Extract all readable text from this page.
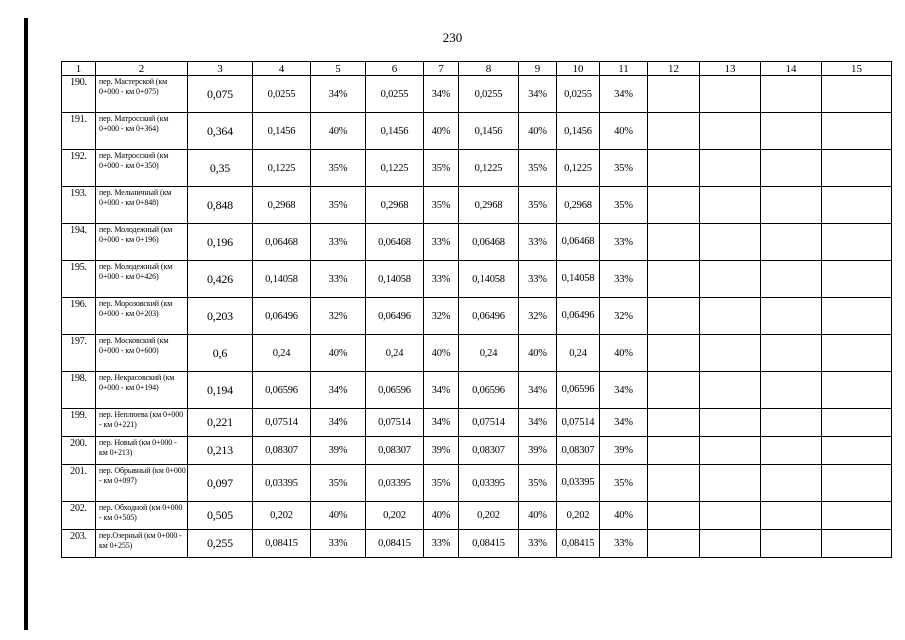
230
1	2	3	4	5	6	7	8	9	10	11	12	13	14	15
190.	пер. Мастерской (км 0+000 - км 0+075)	0,075	0,0255	34%	0,0255	34%	0,0255	34%	0,0255	34%				
191.	пер. Матросский (км 0+000 - км 0+364)	0,364	0,1456	40%	0,1456	40%	0,1456	40%	0,1456	40%				
192.	пер. Матросский (км 0+000 - км 0+350)	0,35	0,1225	35%	0,1225	35%	0,1225	35%	0,1225	35%				
193.	пер. Мельничный (км 0+000 - км 0+848)	0,848	0,2968	35%	0,2968	35%	0,2968	35%	0,2968	35%				
194.	пер. Молодежный (км 0+000 - км 0+196)	0,196	0,06468	33%	0,06468	33%	0,06468	33%	0,06468	33%				
195.	пер. Молодежный (км 0+000 - км 0+426)	0,426	0,14058	33%	0,14058	33%	0,14058	33%	0,14058	33%				
196.	пер. Морозовский (км 0+000 - км 0+203)	0,203	0,06496	32%	0,06496	32%	0,06496	32%	0,06496	32%				
197.	пер. Московский (км 0+000 - км 0+600)	0,6	0,24	40%	0,24	40%	0,24	40%	0,24	40%				
198.	пер. Некрасовский (км 0+000 - км 0+194)	0,194	0,06596	34%	0,06596	34%	0,06596	34%	0,06596	34%				
199.	пер. Неплюева (км 0+000 - км 0+221)	0,221	0,07514	34%	0,07514	34%	0,07514	34%	0,07514	34%				
200.	пер. Новый (км 0+000 - км 0+213)	0,213	0,08307	39%	0,08307	39%	0,08307	39%	0,08307	39%				
201.	пер. Обрывный (км 0+000 - км 0+097)	0,097	0,03395	35%	0,03395	35%	0,03395	35%	0,03395	35%				
202.	пер. Обходной (км 0+000 - км 0+505)	0,505	0,202	40%	0,202	40%	0,202	40%	0,202	40%				
203.	пер.Озерный (км 0+000 - км 0+255)	0,255	0,08415	33%	0,08415	33%	0,08415	33%	0,08415	33%				
